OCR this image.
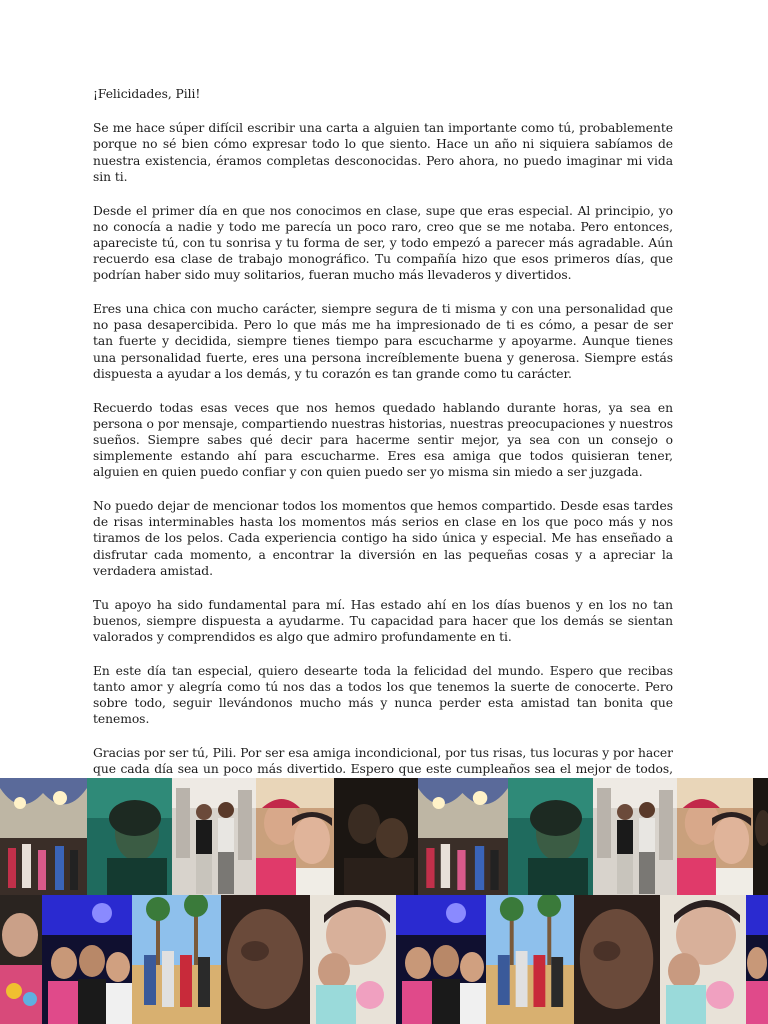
¡Felicidades, Pili!

Se me hace súper difícil escribir una carta a alguien tan importante como tú, probablemente porque no sé bien cómo expresar todo lo que siento. Hace un año ni siquiera sabíamos de nuestra existencia, éramos completas desconocidas. Pero ahora, no puedo imaginar mi vida sin ti.

Desde el primer día en que nos conocimos en clase, supe que eras especial. Al principio, yo no conocía a nadie y todo me parecía un poco raro, creo que se me notaba. Pero entonces, apareciste tú, con tu sonrisa y tu forma de ser, y todo empezó a parecer más agradable. Aún recuerdo esa clase de trabajo monográfico. Tu compañía hizo que esos primeros días, que podrían haber sido muy solitarios, fueran mucho más llevaderos y divertidos.

Eres una chica con mucho carácter, siempre segura de ti misma y con una personalidad que no pasa desapercibida. Pero lo que más me ha impresionado de ti es cómo, a pesar de ser tan fuerte y decidida, siempre tienes tiempo para escucharme y apoyarme. Aunque tienes una personalidad fuerte, eres una persona increíblemente buena y generosa. Siempre estás dispuesta a ayudar a los demás, y tu corazón es tan grande como tu carácter.

Recuerdo todas esas veces que nos hemos quedado hablando durante horas, ya sea en persona o por mensaje, compartiendo nuestras historias, nuestras preocupaciones y nuestros sueños. Siempre sabes qué decir para hacerme sentir mejor, ya sea con un consejo o simplemente estando ahí para escucharme. Eres esa amiga que todos quisieran tener, alguien en quien puedo confiar y con quien puedo ser yo misma sin miedo a ser juzgada.

No puedo dejar de mencionar todos los momentos que hemos compartido. Desde esas tardes de risas interminables hasta los momentos más serios en clase en los que poco más y nos tiramos de los pelos. Cada experiencia contigo ha sido única y especial. Me has enseñado a disfrutar cada momento, a encontrar la diversión en las pequeñas cosas y a apreciar la verdadera amistad.

Tu apoyo ha sido fundamental para mí. Has estado ahí en los días buenos y en los no tan buenos, siempre dispuesta a ayudarme. Tu capacidad para hacer que los demás se sientan valorados y comprendidos es algo que admiro profundamente en ti.

En este día tan especial, quiero desearte toda la felicidad del mundo. Espero que recibas tanto amor y alegría como tú nos das a todos los que tenemos la suerte de conocerte. Pero sobre todo, seguir llevándonos mucho más y nunca perder esta amistad tan bonita que tenemos.

Gracias por ser tú, Pili. Por ser esa amiga incondicional, por tus risas, tus locuras y por hacer que cada día sea un poco más divertido. Espero que este cumpleaños sea el mejor de todos,
